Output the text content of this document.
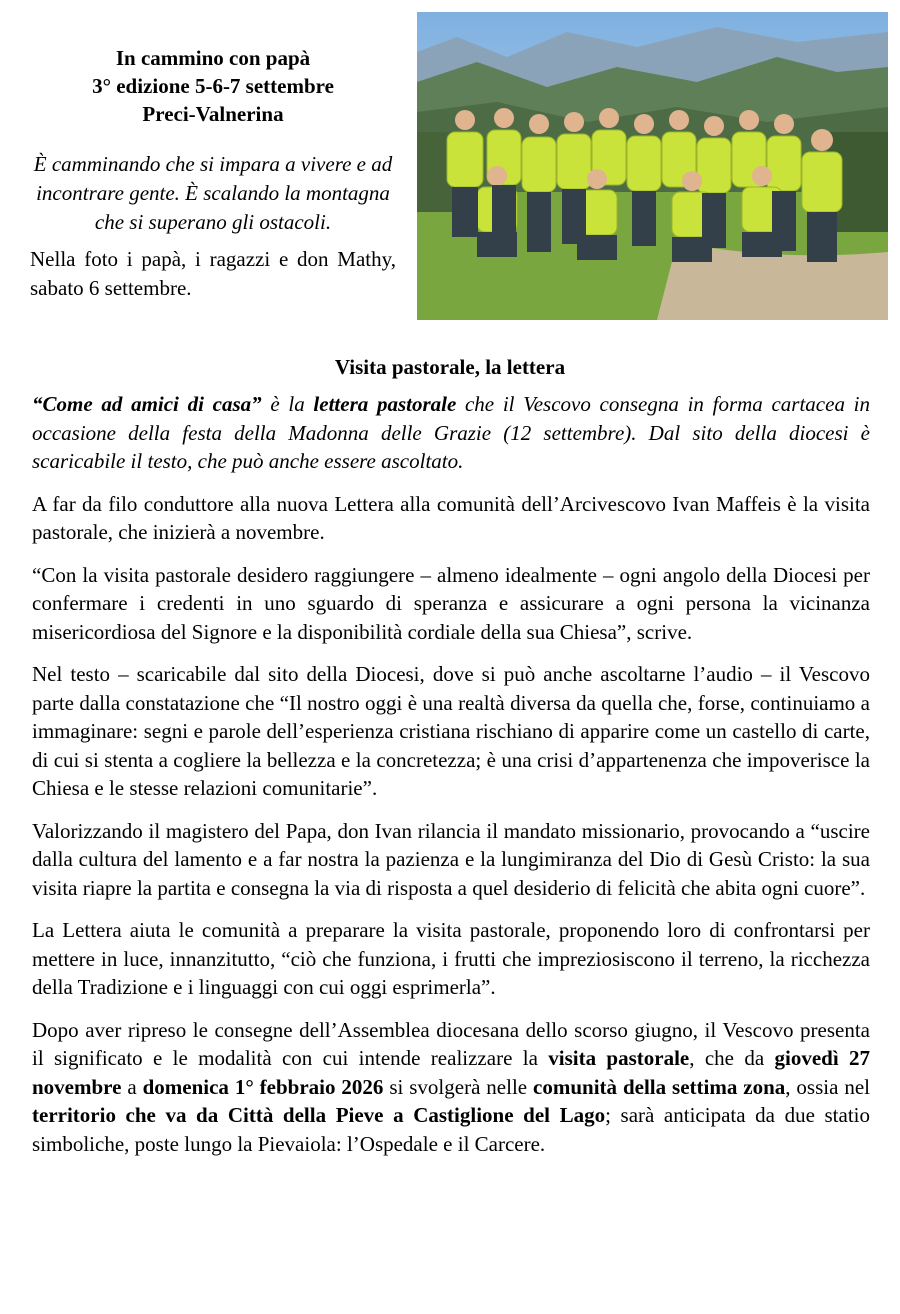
In cammino con papà
3° edizione 5-6-7 settembre
Preci-Valnerina
È camminando che si impara a vivere e ad incontrare gente. È scalando la montagna che si superano gli ostacoli.
Nella foto i papà, i ragazzi e don Mathy, sabato 6 settembre.
Visita pastorale, la lettera

“Come ad amici di casa” è la lettera pastorale che il Vescovo consegna in forma cartacea in occasione della festa della Madonna delle Grazie (12 settembre). Dal sito della diocesi è scaricabile il testo, che può anche essere ascoltato.

A far da filo conduttore alla nuova Lettera alla comunità dell’Arcivescovo Ivan Maffeis è la visita pastorale, che inizierà a novembre.

“Con la visita pastorale desidero raggiungere – almeno idealmente – ogni angolo della Diocesi per confermare i credenti in uno sguardo di speranza e assicurare a ogni persona la vicinanza misericordiosa del Signore e la disponibilità cordiale della sua Chiesa”, scrive.

Nel testo – scaricabile dal sito della Diocesi, dove si può anche ascoltarne l’audio – il Vescovo parte dalla constatazione che “Il nostro oggi è una realtà diversa da quella che, forse, continuiamo a immaginare: segni e parole dell’esperienza cristiana rischiano di apparire come un castello di carte, di cui si stenta a cogliere la bellezza e la concretezza; è una crisi d’appartenenza che impoverisce la Chiesa e le stesse relazioni comunitarie”.

Valorizzando il magistero del Papa, don Ivan rilancia il mandato missionario, provocando a “uscire dalla cultura del lamento e a far nostra la pazienza e la lungimiranza del Dio di Gesù Cristo: la sua visita riapre la partita e consegna la via di risposta a quel desiderio di felicità che abita ogni cuore”.

La Lettera aiuta le comunità a preparare la visita pastorale, proponendo loro di confrontarsi per mettere in luce, innanzitutto, “ciò che funziona, i frutti che impreziosiscono il terreno, la ricchezza della Tradizione e i linguaggi con cui oggi esprimerla”.

Dopo aver ripreso le consegne dell’Assemblea diocesana dello scorso giugno, il Vescovo presenta il significato e le modalità con cui intende realizzare la visita pastorale, che da giovedì 27 novembre a domenica 1° febbraio 2026 si svolgerà nelle comunità della settima zona, ossia nel territorio che va da Città della Pieve a Castiglione del Lago; sarà anticipata da due statio simboliche, poste lungo la Pievaiola: l’Ospedale e il Carcere.
